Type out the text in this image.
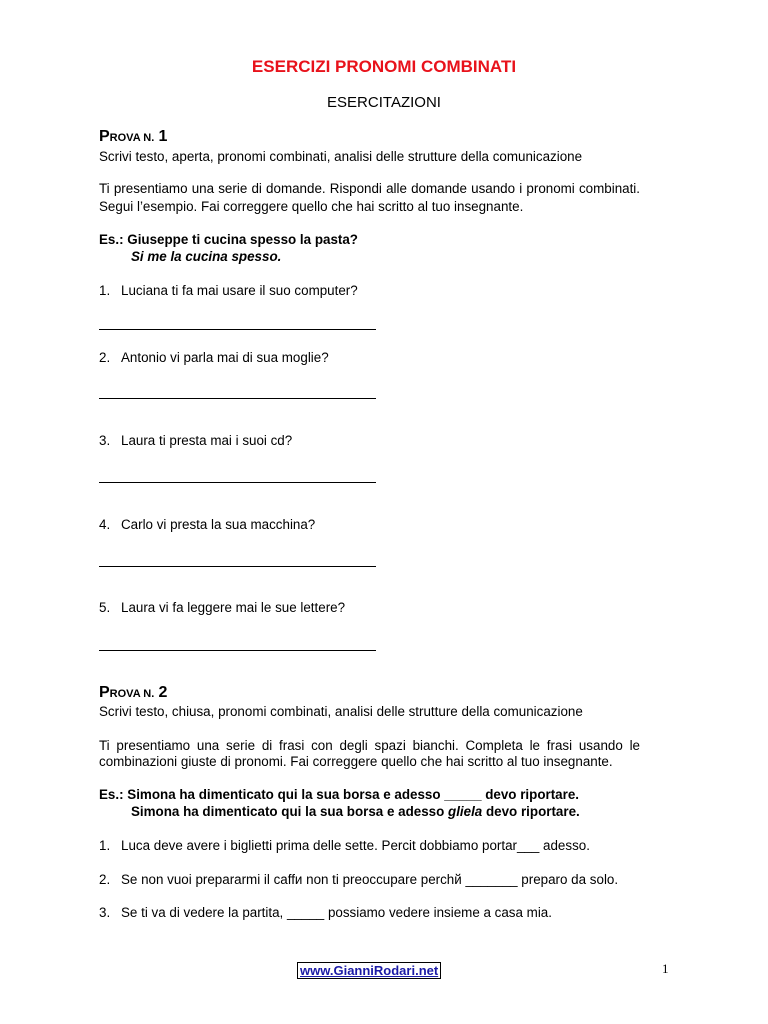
ESERCIZI PRONOMI COMBINATI
ESERCITAZIONI
PROVA N. 1
Scrivi testo, aperta, pronomi combinati, analisi delle strutture della comunicazione
Ti presentiamo una serie di domande. Rispondi alle domande usando i pronomi combinati.
Segui l’esempio. Fai correggere quello che hai scritto al tuo insegnante.
Es.: Giuseppe ti cucina spesso la pasta?
Si me la cucina spesso.
1. Luciana ti fa mai usare il suo computer?
2. Antonio vi parla mai di sua moglie?
3. Laura ti presta mai i suoi cd?
4. Carlo vi presta la sua macchina?
5. Laura vi fa leggere mai le sue lettere?
PROVA N. 2
Scrivi testo, chiusa, pronomi combinati, analisi delle strutture della comunicazione
Ti presentiamo una serie di frasi con degli spazi bianchi. Completa le frasi usando le
combinazioni giuste di pronomi. Fai correggere quello che hai scritto al tuo insegnante.
Es.: Simona ha dimenticato qui la sua borsa e adesso _____ devo riportare.
Simona ha dimenticato qui la sua borsa e adesso gliela devo riportare.
1. Luca deve avere i biglietti prima delle sette. Percit dobbiamo portar___ adesso.
2. Se non vuoi prepararmi il caffи non ti preoccupare perchй _______ preparo da solo.
3. Se ti va di vedere la partita, _____ possiamo vedere insieme a casa mia.
www.GianniRodari.net	1
